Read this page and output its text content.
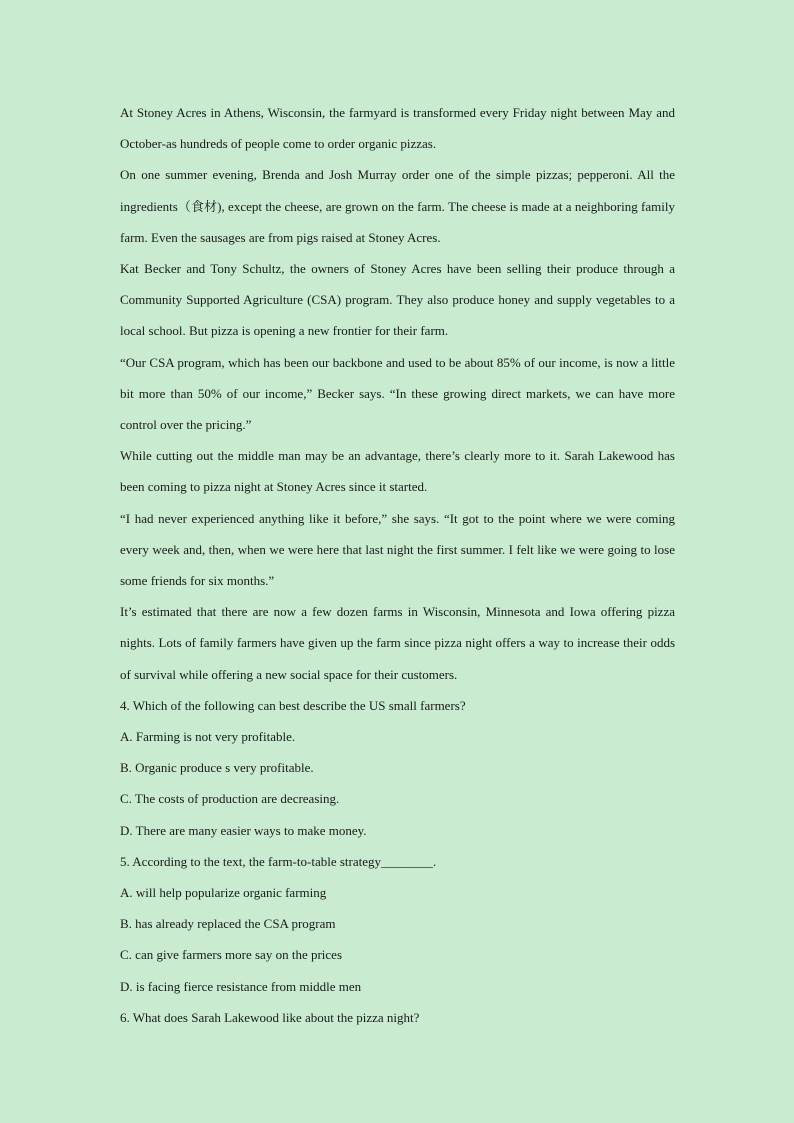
At Stoney Acres in Athens, Wisconsin, the farmyard is transformed every Friday night between May and October-as hundreds of people come to order organic pizzas.

On one summer evening, Brenda and Josh Murray order one of the simple pizzas; pepperoni. All the ingredients（食材), except the cheese, are grown on the farm. The cheese is made at a neighboring family farm. Even the sausages are from pigs raised at Stoney Acres.

Kat Becker and Tony Schultz, the owners of Stoney Acres have been selling their produce through a Community Supported Agriculture (CSA) program. They also produce honey and supply vegetables to a local school. But pizza is opening a new frontier for their farm.

“Our CSA program, which has been our backbone and used to be about 85% of our income, is now a little bit more than 50% of our income,” Becker says. “In these growing direct markets, we can have more control over the pricing.”

While cutting out the middle man may be an advantage, there’s clearly more to it. Sarah Lakewood has been coming to pizza night at Stoney Acres since it started.

“I had never experienced anything like it before,” she says. “It got to the point where we were coming every week and, then, when we were here that last night the first summer. I felt like we were going to lose some friends for six months.”

It’s estimated that there are now a few dozen farms in Wisconsin, Minnesota and Iowa offering pizza nights. Lots of family farmers have given up the farm since pizza night offers a way to increase their odds of survival while offering a new social space for their customers.

4. Which of the following can best describe the US small farmers?

A. Farming is not very profitable.

B. Organic produce s very profitable.

C. The costs of production are decreasing.

D. There are many easier ways to make money.

5. According to the text, the farm-to-table strategy________.

A. will help popularize organic farming

B. has already replaced the CSA program

C. can give farmers more say on the prices

D. is facing fierce resistance from middle men

6. What does Sarah Lakewood like about the pizza night?
